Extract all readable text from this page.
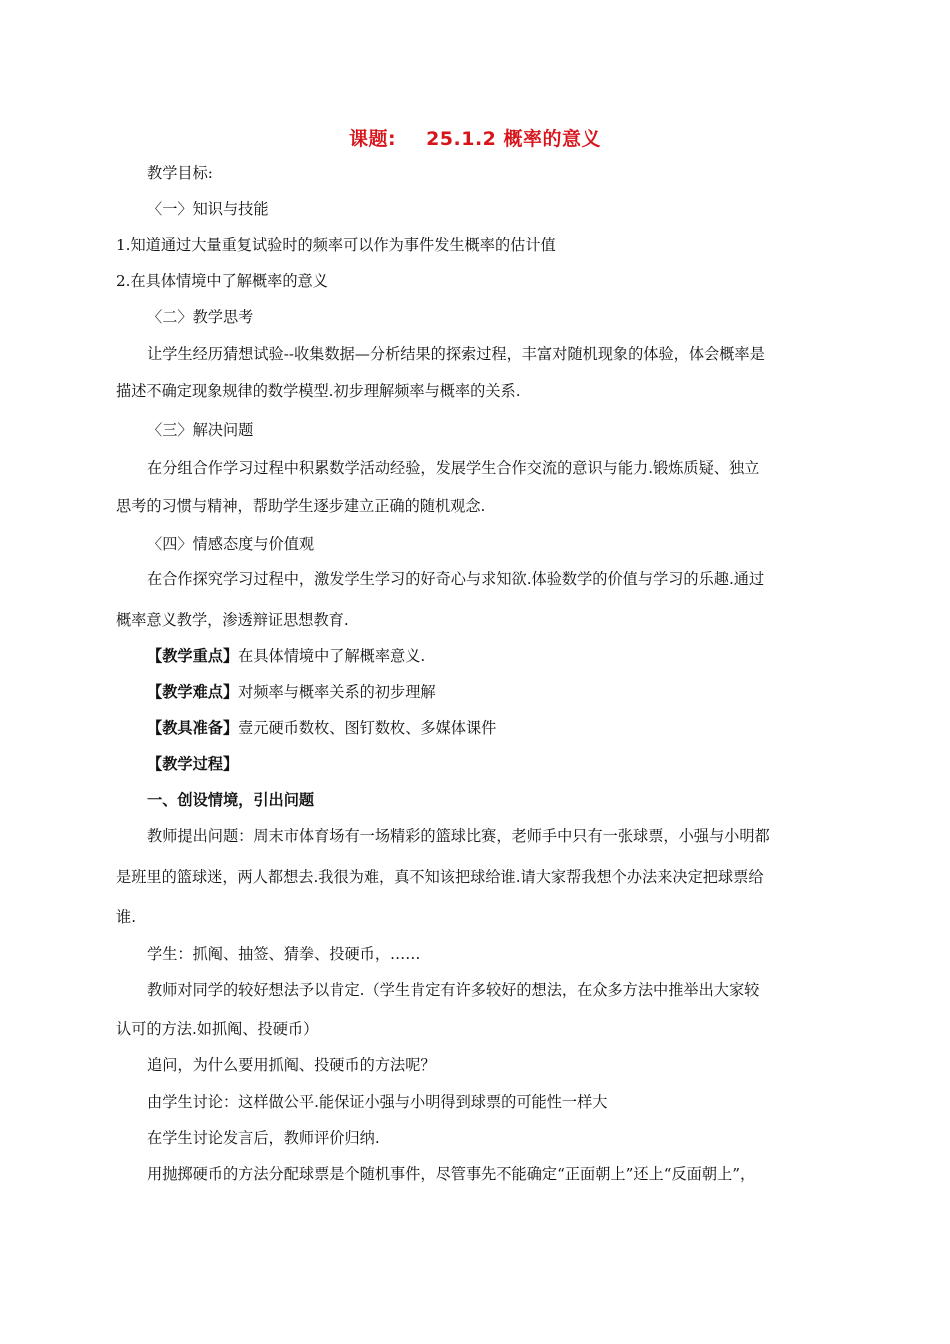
课题: 25.1.2 概率的意义
教学目标:
〈一〉知识与技能
1.知道通过大量重复试验时的频率可以作为事件发生概率的估计值
2.在具体情境中了解概率的意义
〈二〉教学思考
让学生经历猜想试验--收集数据—分析结果的探索过程，丰富对随机现象的体验，体会概率是
描述不确定现象规律的数学模型.初步理解频率与概率的关系.
〈三〉解决问题
在分组合作学习过程中积累数学活动经验，发展学生合作交流的意识与能力.锻炼质疑、独立
思考的习惯与精神，帮助学生逐步建立正确的随机观念.
〈四〉情感态度与价值观
在合作探究学习过程中，激发学生学习的好奇心与求知欲.体验数学的价值与学习的乐趣.通过
概率意义教学，渗透辩证思想教育.
【教学重点】在具体情境中了解概率意义.
【教学难点】对频率与概率关系的初步理解
【教具准备】壹元硬币数枚、图钉数枚、多媒体课件
【教学过程】
一、创设情境，引出问题
教师提出问题：周末市体育场有一场精彩的篮球比赛，老师手中只有一张球票，小强与小明都
是班里的篮球迷，两人都想去.我很为难，真不知该把球给谁.请大家帮我想个办法来决定把球票给
谁.
学生：抓阄、抽签、猜拳、投硬币，……
教师对同学的较好想法予以肯定.（学生肯定有许多较好的想法，在众多方法中推举出大家较
认可的方法.如抓阄、投硬币）
追问，为什么要用抓阄、投硬币的方法呢？
由学生讨论：这样做公平.能保证小强与小明得到球票的可能性一样大
在学生讨论发言后，教师评价归纳.
用抛掷硬币的方法分配球票是个随机事件，尽管事先不能确定“正面朝上”还上“反面朝上”，
